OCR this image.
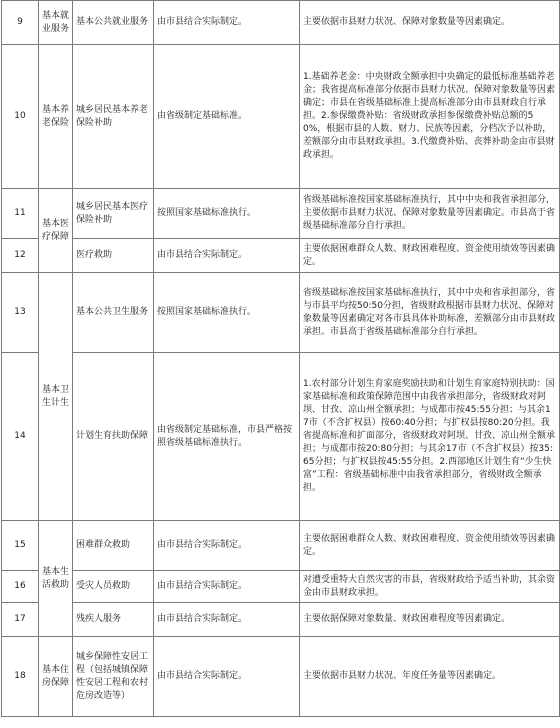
9	基本就业服务	基本公共就业服务	由市县结合实际制定。	主要依据市县财力状况、保障对象数量等因素确定。
10	基本养老保险	城乡居民基本养老保险补助	由省级制定基础标准。	1.基础养老金：中央财政全额承担中央确定的最低标准基础养老金；我省提高标准部分依据市县财力状况、保障对象数量等因素确定；市县在省级基础标准上提高标准部分由市县财政自行承担。2.参保缴费补贴：省级财政承担参保缴费补贴总额的50%，根据市县的人数、财力、民族等因素，分档次予以补助，差额部分由市县财政承担。3.代缴费补贴、丧葬补助金由市县财政承担。
11	基本医疗保障	城乡居民基本医疗保险补助	按照国家基础标准执行。	省级基础标准按国家基础标准执行，其中中央和我省承担部分，主要依据市县财力状况、保障对象数量等因素确定。市县高于省级基础标准部分自行承担。
12		医疗救助	由市县结合实际制定。	主要依据困难群众人数、财政困难程度、资金使用绩效等因素确定。
13	基本卫生计生	基本公共卫生服务	按照国家基础标准执行。	省级基础标准按国家基础标准执行，其中中央和省承担部分，省与市县平均按50:50分担，省级财政根据市县财力状况、保障对象数量等因素确定对各市县具体补助标准，差额部分由市县财政承担。市县高于省级基础标准部分自行承担。
14		计划生育扶助保障	由省级制定基础标准，市县严格按照省级基础标准执行。	1.农村部分计划生育家庭奖励扶助和计划生育家庭特别扶助：国家基础标准和政策保障范围中由我省承担部分，省级财政对阿坝、甘孜、凉山州全额承担；与成都市按45:55分担；与其余17市（不含扩权县）按60:40分担；与扩权县按80:20分担。我省提高标准和扩面部分，省级财政对阿坝、甘孜、凉山州全额承担；与成都市按20:80分担；与其余17市（不含扩权县）按35:65分担；与扩权县按45:55分担。2.西部地区计划生育“少生快富”工程：省级基础标准中由我省承担部分，省级财政全额承担。
15	基本生活救助	困难群众救助	由市县结合实际制定。	主要依据困难群众人数、财政困难程度、资金使用绩效等因素确定。
16		受灾人员救助	由市县结合实际制定。	对遭受重特大自然灾害的市县，省级财政给予适当补助，其余资金由市县财政承担。
17		残疾人服务	由市县结合实际制定。	主要依据保障对象数量、财政困难程度等因素确定。
18	基本住房保障	城乡保障性安居工程（包括城镇保障性安居工程和农村危房改造等）	由市县结合实际制定。	主要依据市县财力状况、年度任务量等因素确定。
